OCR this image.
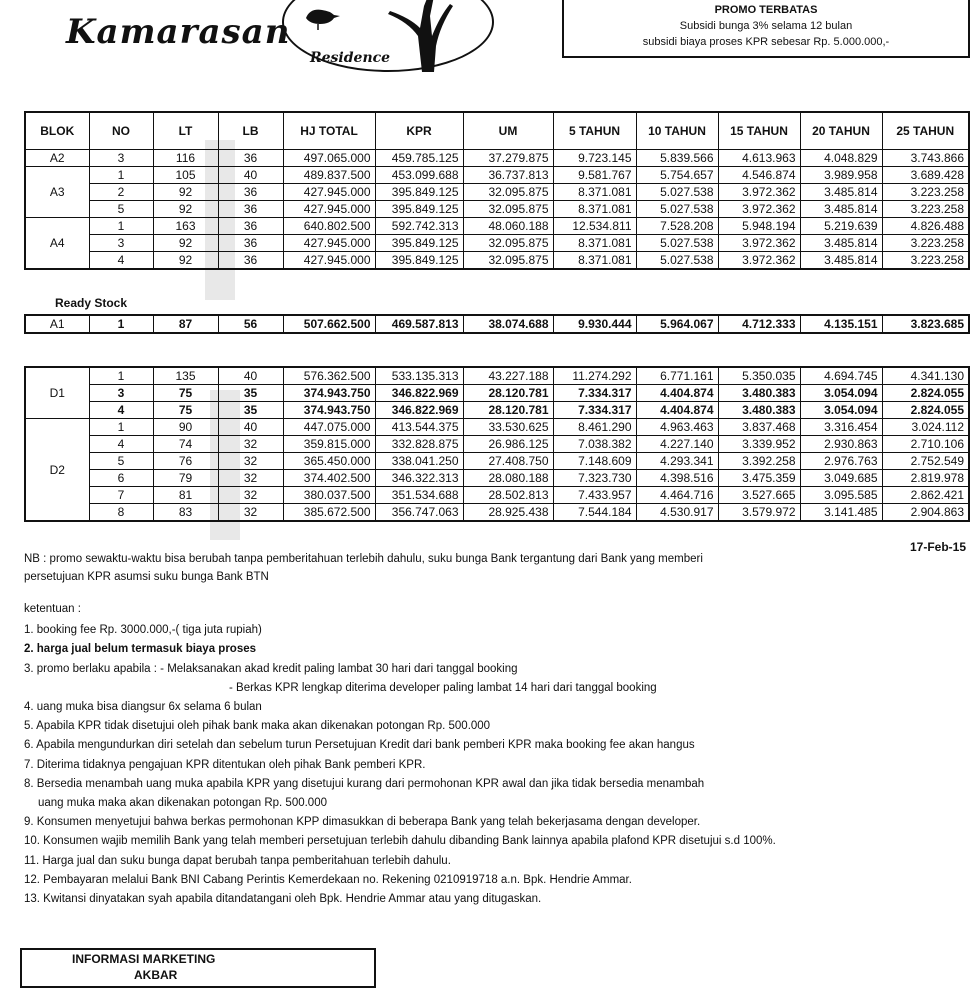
Kamarasan
Residence
PROMO TERBATAS
Subsidi bunga 3% selama 12 bulan
subsidi biaya proses KPR sebesar Rp. 5.000.000,-
BLOK	NO	LT	LB	HJ TOTAL	KPR	UM	5 TAHUN	10 TAHUN	15 TAHUN	20 TAHUN	25 TAHUN
A2	3	116	36	497.065.000	459.785.125	37.279.875	9.723.145	5.839.566	4.613.963	4.048.829	3.743.866
A3	1	105	40	489.837.500	453.099.688	36.737.813	9.581.767	5.754.657	4.546.874	3.989.958	3.689.428
	2	92	36	427.945.000	395.849.125	32.095.875	8.371.081	5.027.538	3.972.362	3.485.814	3.223.258
	5	92	36	427.945.000	395.849.125	32.095.875	8.371.081	5.027.538	3.972.362	3.485.814	3.223.258
A4	1	163	36	640.802.500	592.742.313	48.060.188	12.534.811	7.528.208	5.948.194	5.219.639	4.826.488
	3	92	36	427.945.000	395.849.125	32.095.875	8.371.081	5.027.538	3.972.362	3.485.814	3.223.258
	4	92	36	427.945.000	395.849.125	32.095.875	8.371.081	5.027.538	3.972.362	3.485.814	3.223.258
Ready Stock
A1	1	87	56	507.662.500	469.587.813	38.074.688	9.930.444	5.964.067	4.712.333	4.135.151	3.823.685
D1	1	135	40	576.362.500	533.135.313	43.227.188	11.274.292	6.771.161	5.350.035	4.694.745	4.341.130
	3	75	35	374.943.750	346.822.969	28.120.781	7.334.317	4.404.874	3.480.383	3.054.094	2.824.055
	4	75	35	374.943.750	346.822.969	28.120.781	7.334.317	4.404.874	3.480.383	3.054.094	2.824.055
D2	1	90	40	447.075.000	413.544.375	33.530.625	8.461.290	4.963.463	3.837.468	3.316.454	3.024.112
	4	74	32	359.815.000	332.828.875	26.986.125	7.038.382	4.227.140	3.339.952	2.930.863	2.710.106
	5	76	32	365.450.000	338.041.250	27.408.750	7.148.609	4.293.341	3.392.258	2.976.763	2.752.549
	6	79	32	374.402.500	346.322.313	28.080.188	7.323.730	4.398.516	3.475.359	3.049.685	2.819.978
	7	81	32	380.037.500	351.534.688	28.502.813	7.433.957	4.464.716	3.527.665	3.095.585	2.862.421
	8	83	32	385.672.500	356.747.063	28.925.438	7.544.184	4.530.917	3.579.972	3.141.485	2.904.863
17-Feb-15
NB : promo sewaktu-waktu bisa berubah tanpa pemberitahuan terlebih dahulu, suku bunga Bank tergantung dari Bank yang memberi
persetujuan KPR asumsi suku bunga Bank BTN
ketentuan :
1. booking fee Rp. 3000.000,-( tiga juta rupiah)
2. harga jual belum termasuk biaya proses
3. promo berlaku apabila : - Melaksanakan akad kredit paling lambat 30 hari dari tanggal booking
- Berkas KPR lengkap diterima developer paling lambat 14 hari dari tanggal booking
4. uang muka bisa diangsur 6x selama 6 bulan
5. Apabila KPR tidak disetujui oleh pihak bank maka akan dikenakan potongan Rp. 500.000
6. Apabila mengundurkan diri setelah dan sebelum turun Persetujuan Kredit dari bank pemberi KPR maka booking fee akan hangus
7. Diterima tidaknya pengajuan KPR ditentukan oleh pihak Bank pemberi KPR.
8. Bersedia menambah uang muka apabila KPR yang disetujui kurang dari permohonan KPR awal dan jika tidak bersedia menambah
uang muka maka akan dikenakan potongan Rp. 500.000
9. Konsumen menyetujui bahwa berkas permohonan KPP dimasukkan di beberapa Bank yang telah bekerjasama dengan developer.
10. Konsumen wajib memilih Bank yang telah memberi persetujuan terlebih dahulu dibanding Bank lainnya apabila plafond KPR disetujui s.d 100%.
11. Harga jual dan suku bunga dapat berubah tanpa pemberitahuan terlebih dahulu.
12. Pembayaran melalui Bank BNI Cabang Perintis Kemerdekaan no. Rekening 0210919718 a.n. Bpk. Hendrie Ammar.
13. Kwitansi dinyatakan syah apabila ditandatangani oleh Bpk. Hendrie Ammar atau yang ditugaskan.
INFORMASI MARKETING
AKBAR
